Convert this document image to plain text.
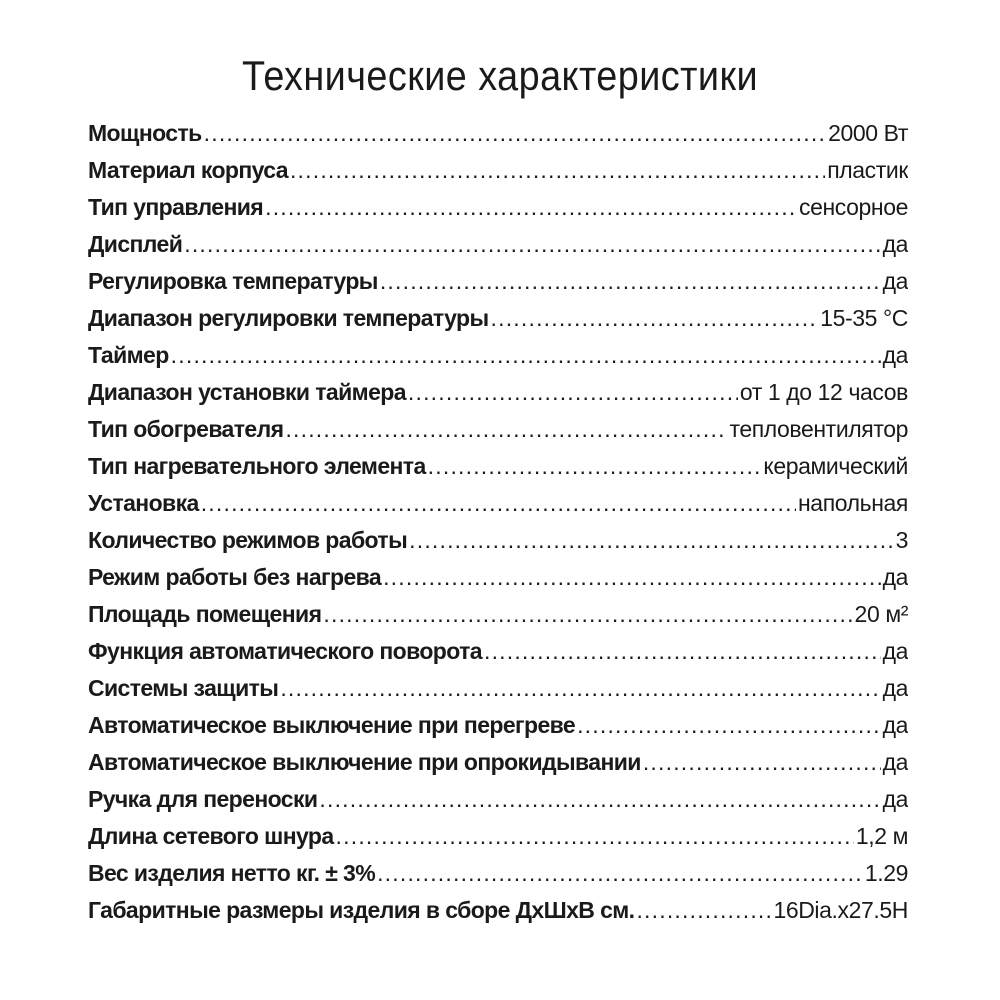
Технические характеристики
Мощность .....	2000 Вт
Материал корпуса .....	пластик
Тип управления .....	сенсорное
Дисплей .....	да
Регулировка температуры .....	да
Диапазон регулировки температуры .....	15-35 °С
Таймер .....	да
Диапазон установки таймера .....	от 1 до 12 часов
Тип обогревателя .....	тепловентилятор
Тип нагревательного элемента .....	керамический
Установка .....	напольная
Количество режимов работы .....	3
Режим работы без нагрева .....	да
Площадь помещения .....	20 м²
Функция автоматического поворота .....	да
Системы защиты .....	да
Автоматическое выключение при перегреве .....	да
Автоматическое выключение при опрокидывании .....	да
Ручка для переноски .....	да
Длина сетевого шнура .....	1,2 м
Вес изделия нетто кг. ± 3% .....	1.29
Габаритные размеры изделия в сборе ДхШхВ см. .....	16Dia.x27.5H
